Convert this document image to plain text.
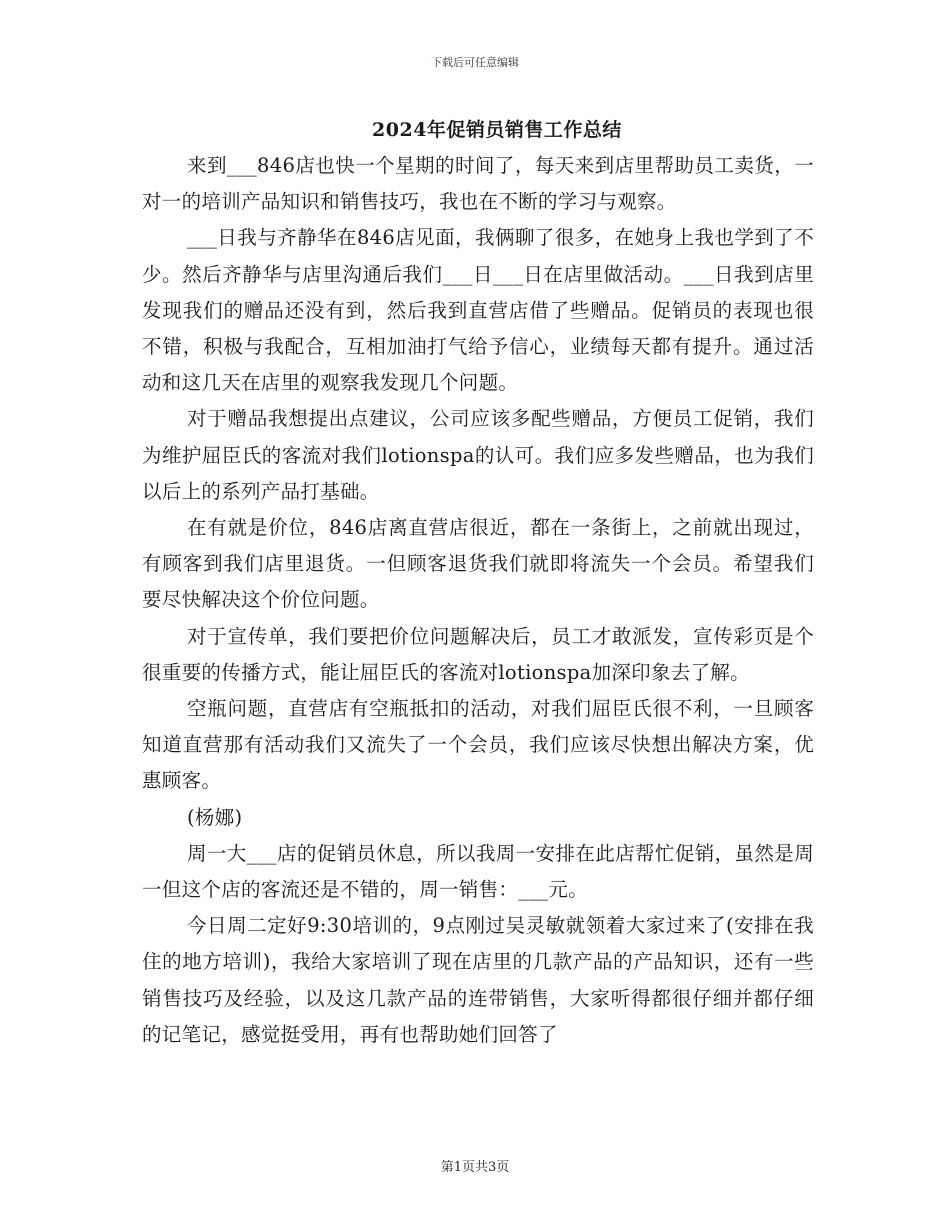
下载后可任意编辑
2024年促销员销售工作总结

来到___846店也快一个星期的时间了，每天来到店里帮助员工卖货，一对一的培训产品知识和销售技巧，我也在不断的学习与观察。

___日我与齐静华在846店见面，我俩聊了很多，在她身上我也学到了不少。然后齐静华与店里沟通后我们___日___日在店里做活动。___日我到店里发现我们的赠品还没有到，然后我到直营店借了些赠品。促销员的表现也很不错，积极与我配合，互相加油打气给予信心，业绩每天都有提升。通过活动和这几天在店里的观察我发现几个问题。

对于赠品我想提出点建议，公司应该多配些赠品，方便员工促销，我们为维护屈臣氏的客流对我们lotionspa的认可。我们应多发些赠品，也为我们以后上的系列产品打基础。

在有就是价位，846店离直营店很近，都在一条街上，之前就出现过，有顾客到我们店里退货。一但顾客退货我们就即将流失一个会员。希望我们要尽快解决这个价位问题。

对于宣传单，我们要把价位问题解决后，员工才敢派发，宣传彩页是个很重要的传播方式，能让屈臣氏的客流对lotionspa加深印象去了解。

空瓶问题，直营店有空瓶抵扣的活动，对我们屈臣氏很不利，一旦顾客知道直营那有活动我们又流失了一个会员，我们应该尽快想出解决方案，优惠顾客。

(杨娜)

周一大___店的促销员休息，所以我周一安排在此店帮忙促销，虽然是周一但这个店的客流还是不错的，周一销售：___元。

今日周二定好9:30培训的，9点刚过吴灵敏就领着大家过来了(安排在我住的地方培训)，我给大家培训了现在店里的几款产品的产品知识，还有一些销售技巧及经验，以及这几款产品的连带销售，大家听得都很仔细并都仔细的记笔记，感觉挺受用，再有也帮助她们回答了

第1页共3页
